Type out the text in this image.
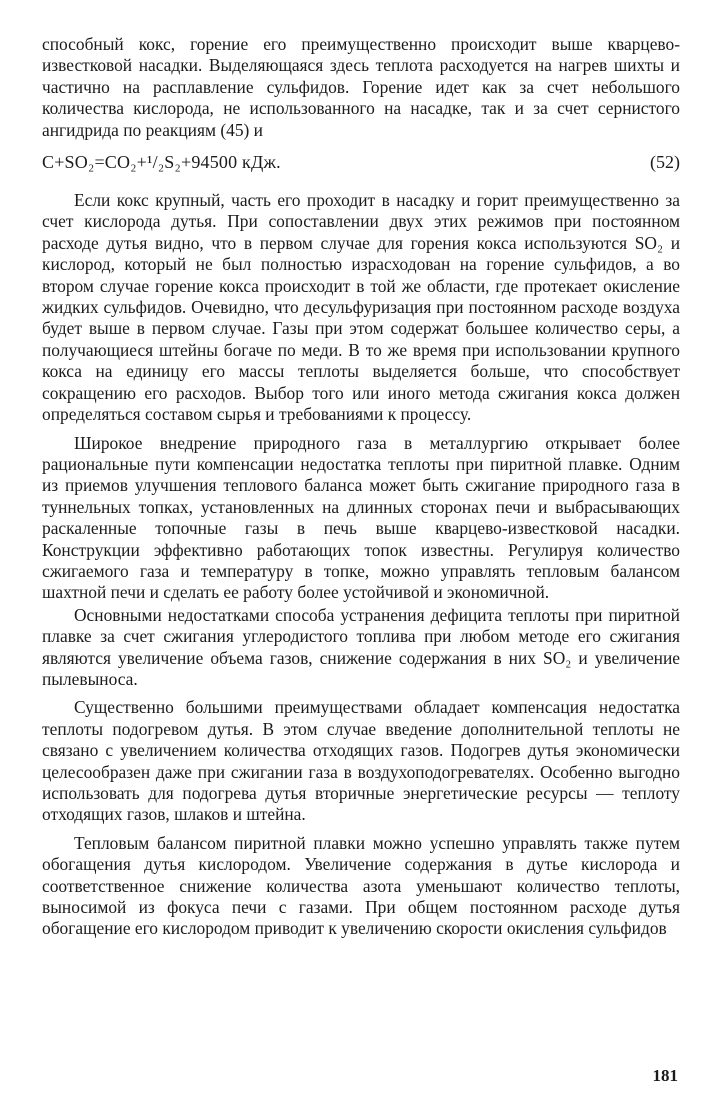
способный кокс, горение его преимущественно происходит выше кварцево-известковой насадки. Выделяющаяся здесь теплота расходуется на нагрев шихты и частично на расплавление сульфидов. Горение идет как за счет небольшого количества кислорода, не использованного на насадке, так и за счет сернистого ангидрида по реакциям (45) и

C+SO₂=CO₂+¹/₂S₂+94500 кДж.	(52)

Если кокс крупный, часть его проходит в насадку и горит преимущественно за счет кислорода дутья. При сопоставлении двух этих режимов при постоянном расходе дутья видно, что в первом случае для горения кокса используются SO₂ и кислород, который не был полностью израсходован на горение сульфидов, а во втором случае горение кокса происходит в той же области, где протекает окисление жидких сульфидов. Очевидно, что десульфуризация при постоянном расходе воздуха будет выше в первом случае. Газы при этом содержат большее количество серы, а получающиеся штейны богаче по меди. В то же время при использовании крупного кокса на единицу его массы теплоты выделяется больше, что способствует сокращению его расходов. Выбор того или иного метода сжигания кокса должен определяться составом сырья и требованиями к процессу.

Широкое внедрение природного газа в металлургию открывает более рациональные пути компенсации недостатка теплоты при пиритной плавке. Одним из приемов улучшения теплового баланса может быть сжигание природного газа в туннельных топках, установленных на длинных сторонах печи и выбрасывающих раскаленные топочные газы в печь выше кварцево-известковой насадки. Конструкции эффективно работающих топок известны. Регулируя количество сжигаемого газа и температуру в топке, можно управлять тепловым балансом шахтной печи и сделать ее работу более устойчивой и экономичной.

Основными недостатками способа устранения дефицита теплоты при пиритной плавке за счет сжигания углеродистого топлива при любом методе его сжигания являются увеличение объема газов, снижение содержания в них SO₂ и увеличение пылевыноса.

Существенно большими преимуществами обладает компенсация недостатка теплоты подогревом дутья. В этом случае введение дополнительной теплоты не связано с увеличением количества отходящих газов. Подогрев дутья экономически целесообразен даже при сжигании газа в воздухоподогревателях. Особенно выгодно использовать для подогрева дутья вторичные энергетические ресурсы — теплоту отходящих газов, шлаков и штейна.

Тепловым балансом пиритной плавки можно успешно управлять также путем обогащения дутья кислородом. Увеличение содержания в дутье кислорода и соответственное снижение количества азота уменьшают количество теплоты, выносимой из фокуса печи с газами. При общем постоянном расходе дутья обогащение его кислородом приводит к увеличению скорости окисления сульфидов

181
